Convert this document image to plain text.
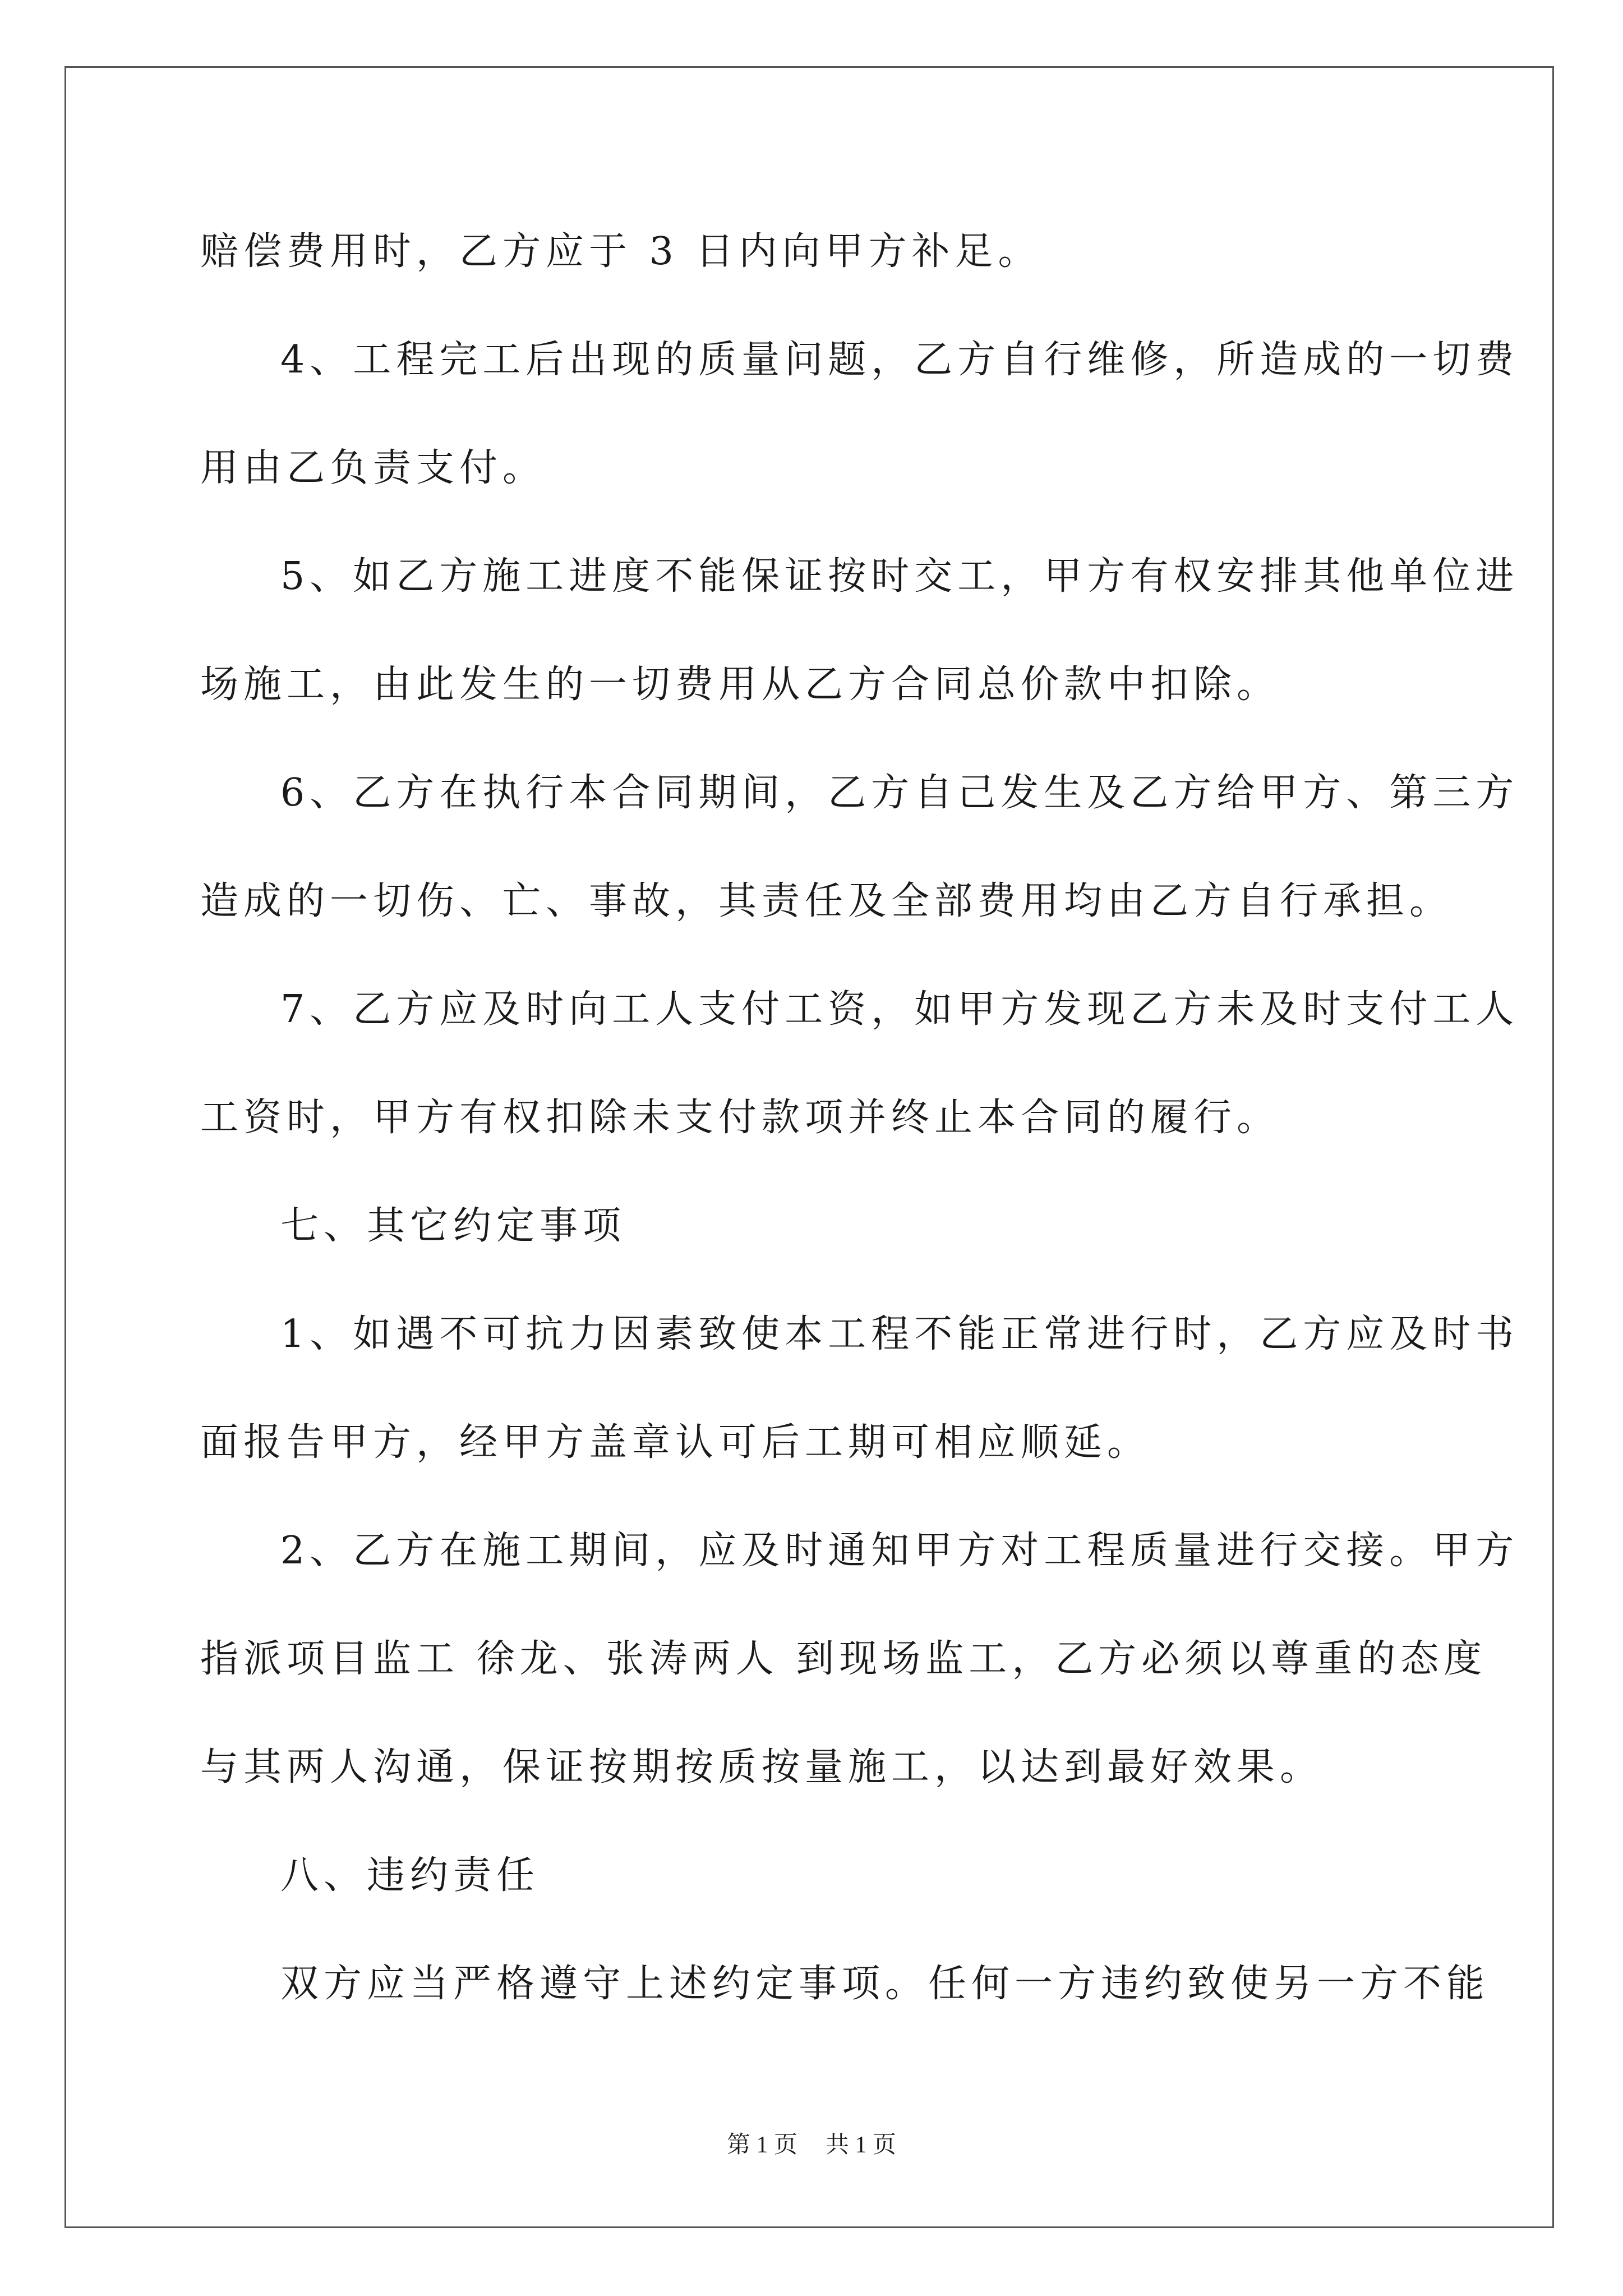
赔偿费用时，乙方应于 3 日内向甲方补足。
4、工程完工后出现的质量问题，乙方自行维修，所造成的一切费
用由乙负责支付。
5、如乙方施工进度不能保证按时交工，甲方有权安排其他单位进
场施工，由此发生的一切费用从乙方合同总价款中扣除。
6、乙方在执行本合同期间，乙方自己发生及乙方给甲方、第三方
造成的一切伤、亡、事故，其责任及全部费用均由乙方自行承担。
7、乙方应及时向工人支付工资，如甲方发现乙方未及时支付工人
工资时，甲方有权扣除未支付款项并终止本合同的履行。
七、其它约定事项
1、如遇不可抗力因素致使本工程不能正常进行时，乙方应及时书
面报告甲方，经甲方盖章认可后工期可相应顺延。
2、乙方在施工期间，应及时通知甲方对工程质量进行交接。甲方
指派项目监工 徐龙、张涛两人 到现场监工，乙方必须以尊重的态度
与其两人沟通，保证按期按质按量施工，以达到最好效果。
八、违约责任
双方应当严格遵守上述约定事项。任何一方违约致使另一方不能
第 1 页 共 1 页
